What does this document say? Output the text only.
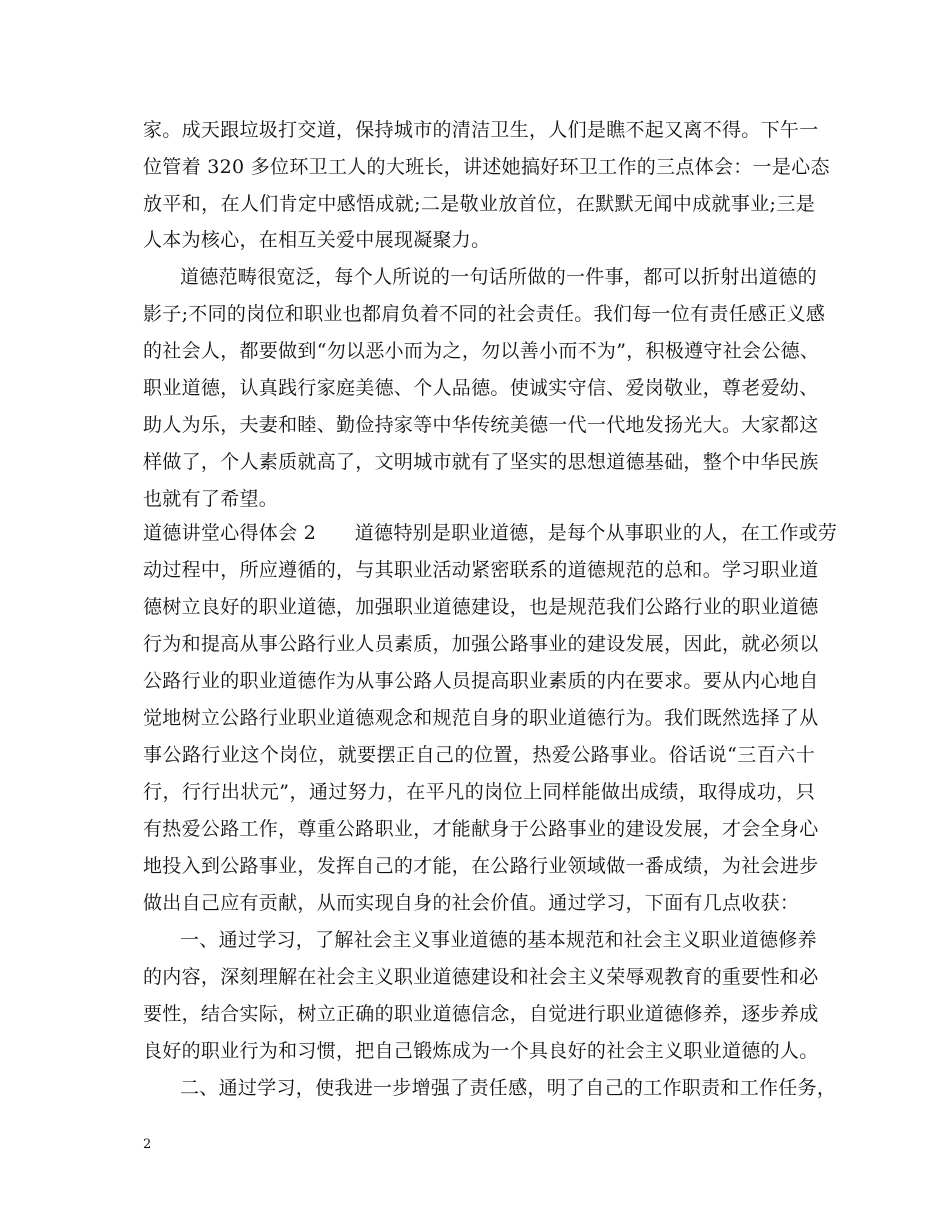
家。成天跟垃圾打交道，保持城市的清洁卫生，人们是瞧不起又离不得。下午一
位管着 320 多位环卫工人的大班长，讲述她搞好环卫工作的三点体会：一是心态
放平和，在人们肯定中感悟成就;二是敬业放首位，在默默无闻中成就事业;三是
人本为核心，在相互关爱中展现凝聚力。
道德范畴很宽泛，每个人所说的一句话所做的一件事，都可以折射出道德的
影子;不同的岗位和职业也都肩负着不同的社会责任。我们每一位有责任感正义感
的社会人，都要做到“勿以恶小而为之，勿以善小而不为”，积极遵守社会公德、
职业道德，认真践行家庭美德、个人品德。使诚实守信、爱岗敬业，尊老爱幼、
助人为乐，夫妻和睦、勤俭持家等中华传统美德一代一代地发扬光大。大家都这
样做了，个人素质就高了，文明城市就有了坚实的思想道德基础，整个中华民族
也就有了希望。
道德讲堂心得体会 2　　道德特别是职业道德，是每个从事职业的人，在工作或劳
动过程中，所应遵循的，与其职业活动紧密联系的道德规范的总和。学习职业道
德树立良好的职业道德，加强职业道德建设，也是规范我们公路行业的职业道德
行为和提高从事公路行业人员素质，加强公路事业的建设发展，因此，就必须以
公路行业的职业道德作为从事公路人员提高职业素质的内在要求。要从内心地自
觉地树立公路行业职业道德观念和规范自身的职业道德行为。我们既然选择了从
事公路行业这个岗位，就要摆正自己的位置，热爱公路事业。俗话说“三百六十
行，行行出状元”，通过努力，在平凡的岗位上同样能做出成绩，取得成功，只
有热爱公路工作，尊重公路职业，才能献身于公路事业的建设发展，才会全身心
地投入到公路事业，发挥自己的才能，在公路行业领域做一番成绩，为社会进步
做出自己应有贡献，从而实现自身的社会价值。通过学习，下面有几点收获：
一、通过学习，了解社会主义事业道德的基本规范和社会主义职业道德修养
的内容，深刻理解在社会主义职业道德建设和社会主义荣辱观教育的重要性和必
要性，结合实际，树立正确的职业道德信念，自觉进行职业道德修养，逐步养成
良好的职业行为和习惯，把自己锻炼成为一个具良好的社会主义职业道德的人。
二、通过学习，使我进一步增强了责任感，明了自己的工作职责和工作任务，
2
